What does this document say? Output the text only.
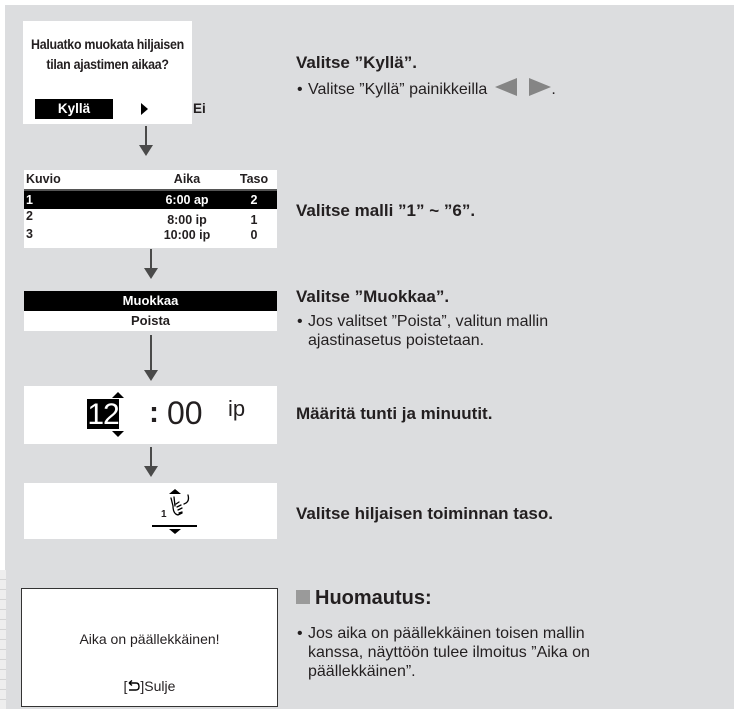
Haluatko muokata hiljaisen
tilan ajastimen aikaa?
Kyllä	Ei
Kuvio	Aika	Taso
1	6:00 ap	2
2	8:00 ip	1
3	10:00 ip	0
Muokkaa
Poista
12 : 00 ip
1
Aika on päällekkäinen!
[ ]Sulje
Valitse ”Kyllä”.
• Valitse ”Kyllä” painikkeilla	.
Valitse malli ”1” ~ ”6”.
Valitse ”Muokkaa”.
• Jos valitset ”Poista”, valitun mallin
ajastinasetus poistetaan.
Määritä tunti ja minuutit.
Valitse hiljaisen toiminnan taso.
Huomautus:
• Jos aika on päällekkäinen toisen mallin
kanssa, näyttöön tulee ilmoitus ”Aika on
päällekkäinen”.
